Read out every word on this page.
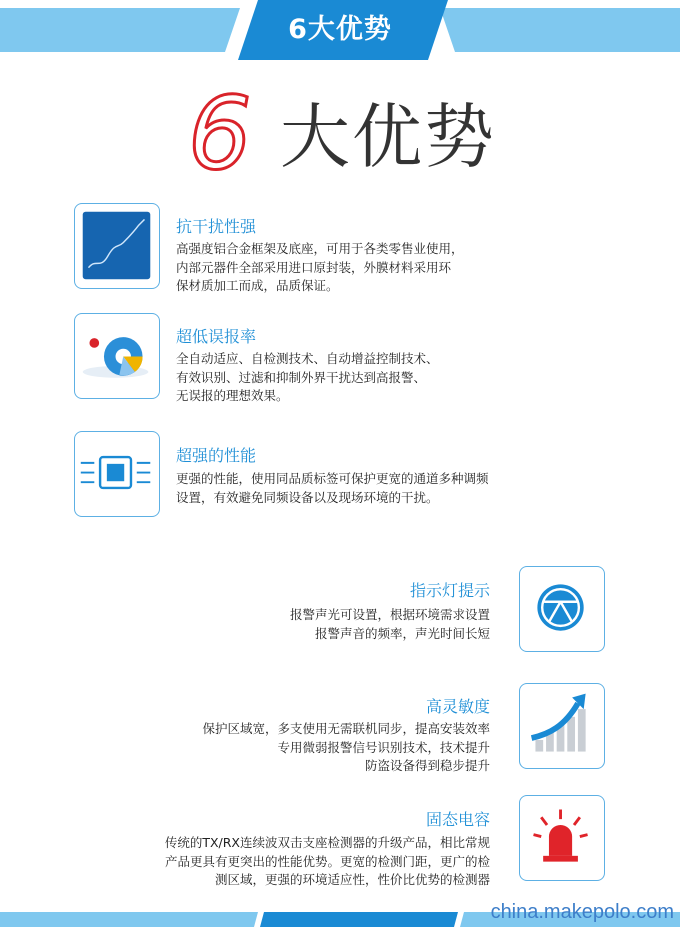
6大优势
6 大优势
抗干扰性强
高强度铝合金框架及底座，可用于各类零售业使用，
内部元器件全部采用进口原封装，外膜材料采用环
保材质加工而成，品质保证。
超低误报率
全自动适应、自检测技术、自动增益控制技术、
有效识别、过滤和抑制外界干扰达到高报警、
无误报的理想效果。
超强的性能
更强的性能，使用同品质标签可保护更宽的通道多种调频
设置，有效避免同频设备以及现场环境的干扰。
指示灯提示
报警声光可设置，根据环境需求设置
报警声音的频率，声光时间长短
高灵敏度
保护区域宽，多支使用无需联机同步，提高安装效率
专用微弱报警信号识别技术，技术提升
防盗设备得到稳步提升
固态电容
传统的TX/RX连续波双击支座检测器的升级产品，相比常规
产品更具有更突出的性能优势。更宽的检测门距，更广的检
测区域，更强的环境适应性，性价比优势的检测器
china.makepolo.com
